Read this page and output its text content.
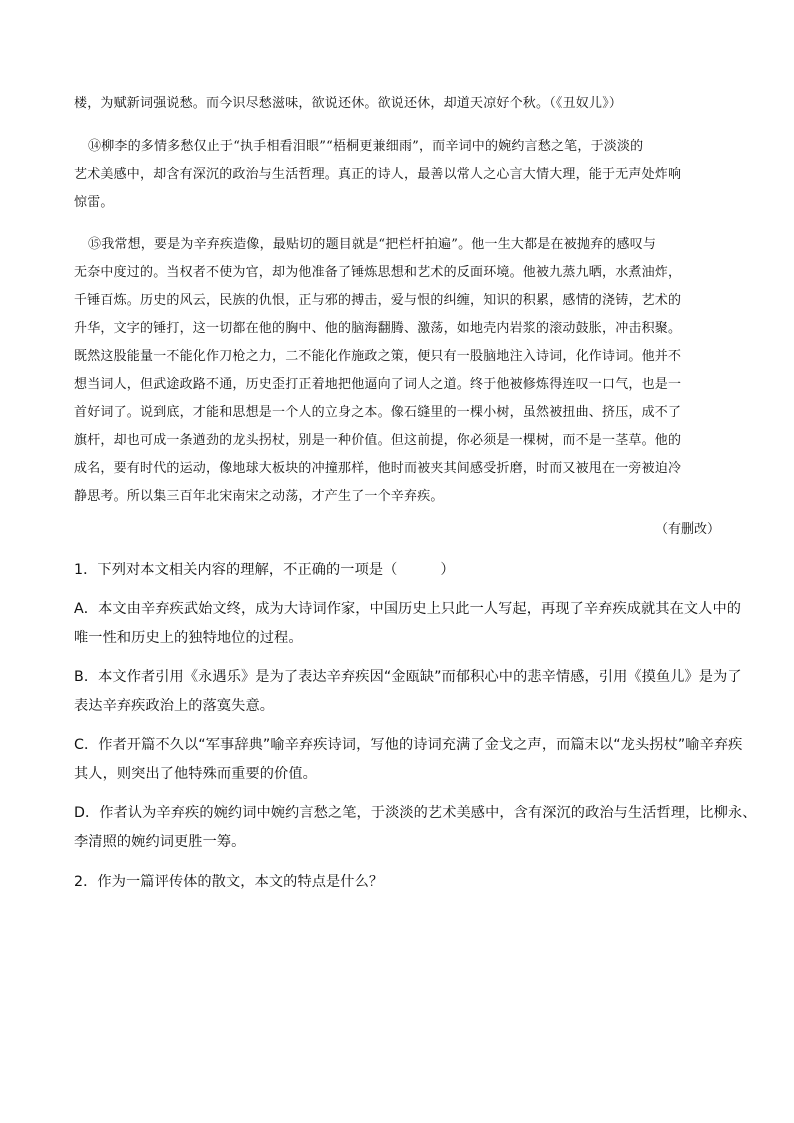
楼，为赋新词强说愁。而今识尽愁滋味，欲说还休。欲说还休，却道天凉好个秋。（《丑奴儿》）
⑭柳李的多情多愁仅止于“执手相看泪眼”“梧桐更兼细雨”，而辛词中的婉约言愁之笔，于淡淡的
艺术美感中，却含有深沉的政治与生活哲理。真正的诗人，最善以常人之心言大情大理，能于无声处炸响
惊雷。
⑮我常想，要是为辛弃疾造像，最贴切的题目就是“把栏杆拍遍”。他一生大都是在被抛弃的感叹与
无奈中度过的。当权者不使为官，却为他准备了锤炼思想和艺术的反面环境。他被九蒸九晒，水煮油炸，
千锤百炼。历史的风云，民族的仇恨，正与邪的搏击，爱与恨的纠缠，知识的积累，感情的浇铸，艺术的
升华，文字的锤打，这一切都在他的胸中、他的脑海翻腾、激荡，如地壳内岩浆的滚动鼓胀，冲击积聚。
既然这股能量一不能化作刀枪之力，二不能化作施政之策，便只有一股脑地注入诗词，化作诗词。他并不
想当词人，但武途政路不通，历史歪打正着地把他逼向了词人之道。终于他被修炼得连叹一口气，也是一
首好词了。说到底，才能和思想是一个人的立身之本。像石缝里的一棵小树，虽然被扭曲、挤压，成不了
旗杆，却也可成一条遒劲的龙头拐杖，别是一种价值。但这前提，你必须是一棵树，而不是一茎草。他的
成名，要有时代的运动，像地球大板块的冲撞那样，他时而被夹其间感受折磨，时而又被甩在一旁被迫冷
静思考。所以集三百年北宋南宋之动荡，才产生了一个辛弃疾。
（有删改）
1．下列对本文相关内容的理解，不正确的一项是（　　　）
A．本文由辛弃疾武始文终，成为大诗词作家，中国历史上只此一人写起，再现了辛弃疾成就其在文人中的
唯一性和历史上的独特地位的过程。
B．本文作者引用《永遇乐》是为了表达辛弃疾因“金瓯缺”而郁积心中的悲辛情感，引用《摸鱼儿》是为了
表达辛弃疾政治上的落寞失意。
C．作者开篇不久以“军事辞典”喻辛弃疾诗词，写他的诗词充满了金戈之声，而篇末以“龙头拐杖”喻辛弃疾
其人，则突出了他特殊而重要的价值。
D．作者认为辛弃疾的婉约词中婉约言愁之笔，于淡淡的艺术美感中，含有深沉的政治与生活哲理，比柳永、
李清照的婉约词更胜一筹。
2．作为一篇评传体的散文，本文的特点是什么？
